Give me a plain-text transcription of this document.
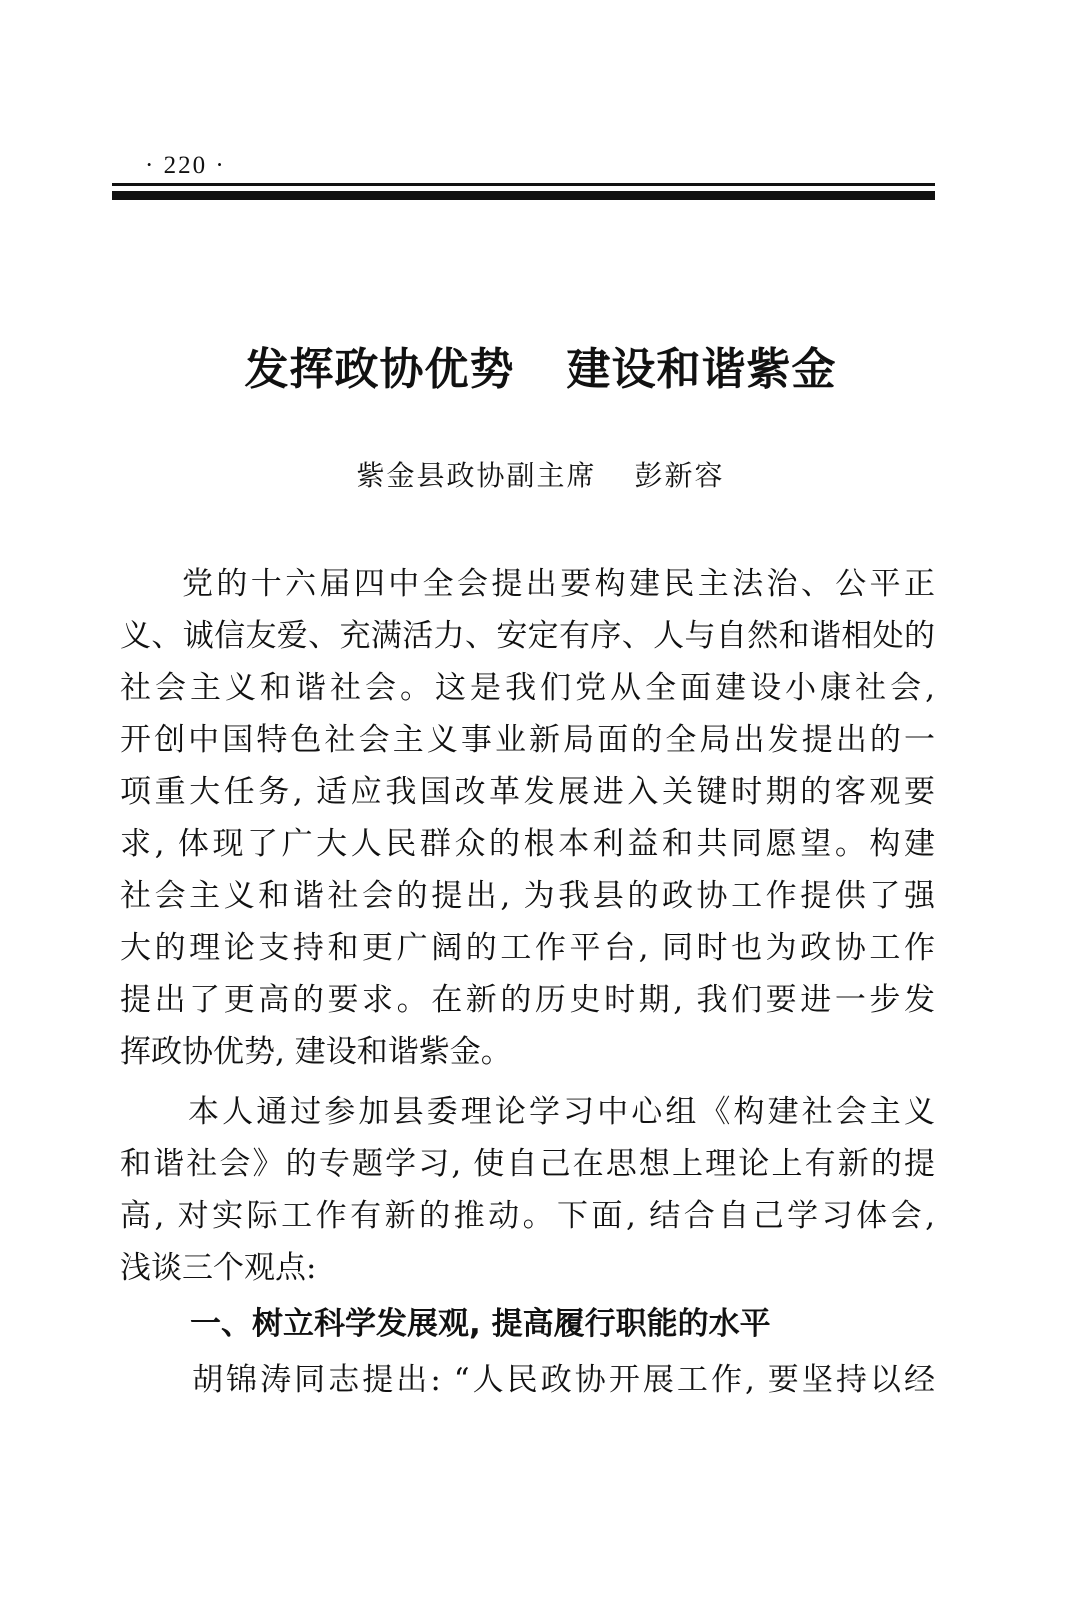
· 220 ·
发挥政协优势 建设和谐紫金
紫金县政协副主席 彭新容
党的十六届四中全会提出要构建民主法治、公平正
义、诚信友爱、充满活力、安定有序、人与自然和谐相处的
社会主义和谐社会。这是我们党从全面建设小康社会,
开创中国特色社会主义事业新局面的全局出发提出的一
项重大任务, 适应我国改革发展进入关键时期的客观要
求, 体现了广大人民群众的根本利益和共同愿望。构建
社会主义和谐社会的提出, 为我县的政协工作提供了强
大的理论支持和更广阔的工作平台, 同时也为政协工作
提出了更高的要求。在新的历史时期, 我们要进一步发
挥政协优势, 建设和谐紫金。
本人通过参加县委理论学习中心组《构建社会主义
和谐社会》的专题学习, 使自己在思想上理论上有新的提
高, 对实际工作有新的推动。下面, 结合自己学习体会,
浅谈三个观点:
一、树立科学发展观, 提高履行职能的水平
胡锦涛同志提出: “人民政协开展工作, 要坚持以经
